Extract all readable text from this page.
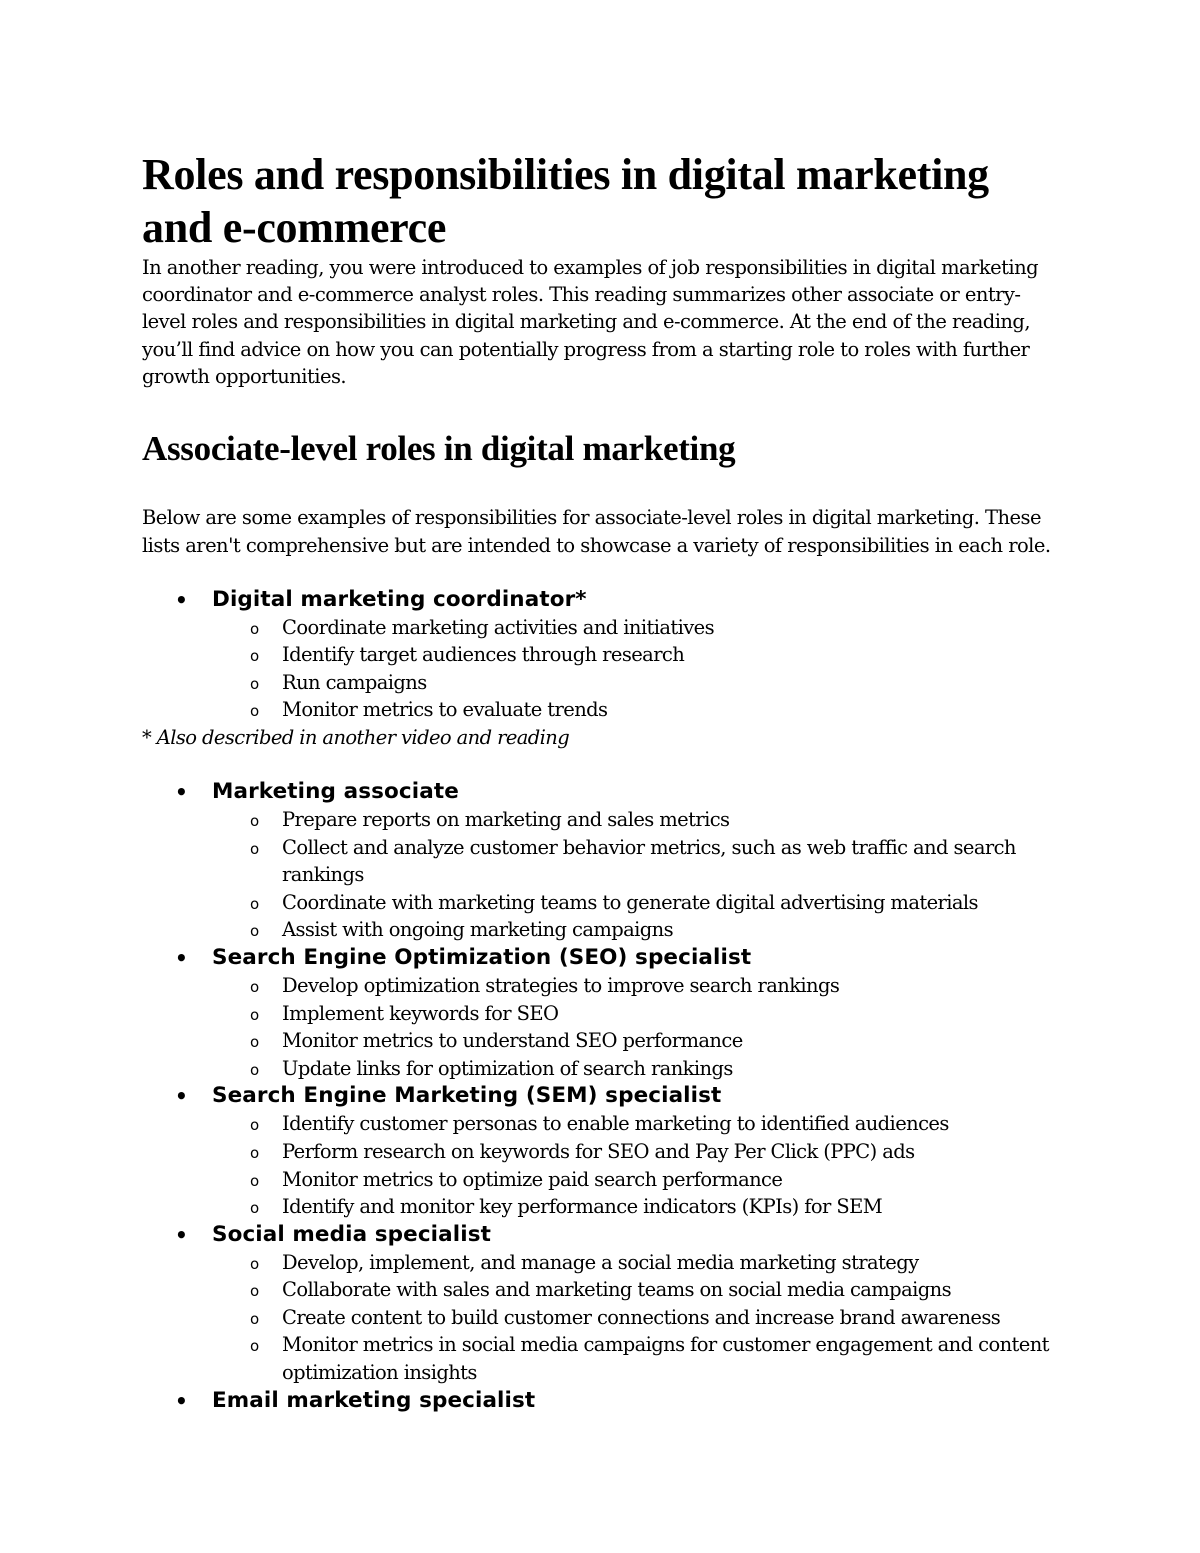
Roles and responsibilities in digital marketing and e-commerce

In another reading, you were introduced to examples of job responsibilities in digital marketing coordinator and e-commerce analyst roles. This reading summarizes other associate or entry-level roles and responsibilities in digital marketing and e-commerce. At the end of the reading, you’ll find advice on how you can potentially progress from a starting role to roles with further growth opportunities.

Associate-level roles in digital marketing

Below are some examples of responsibilities for associate-level roles in digital marketing. These lists aren't comprehensive but are intended to showcase a variety of responsibilities in each role.

• Digital marketing coordinator*
o Coordinate marketing activities and initiatives
o Identify target audiences through research
o Run campaigns
o Monitor metrics to evaluate trends

* Also described in another video and reading

• Marketing associate
o Prepare reports on marketing and sales metrics
o Collect and analyze customer behavior metrics, such as web traffic and search rankings
o Coordinate with marketing teams to generate digital advertising materials
o Assist with ongoing marketing campaigns
• Search Engine Optimization (SEO) specialist
o Develop optimization strategies to improve search rankings
o Implement keywords for SEO
o Monitor metrics to understand SEO performance
o Update links for optimization of search rankings
• Search Engine Marketing (SEM) specialist
o Identify customer personas to enable marketing to identified audiences
o Perform research on keywords for SEO and Pay Per Click (PPC) ads
o Monitor metrics to optimize paid search performance
o Identify and monitor key performance indicators (KPIs) for SEM
• Social media specialist
o Develop, implement, and manage a social media marketing strategy
o Collaborate with sales and marketing teams on social media campaigns
o Create content to build customer connections and increase brand awareness
o Monitor metrics in social media campaigns for customer engagement and content optimization insights
• Email marketing specialist
